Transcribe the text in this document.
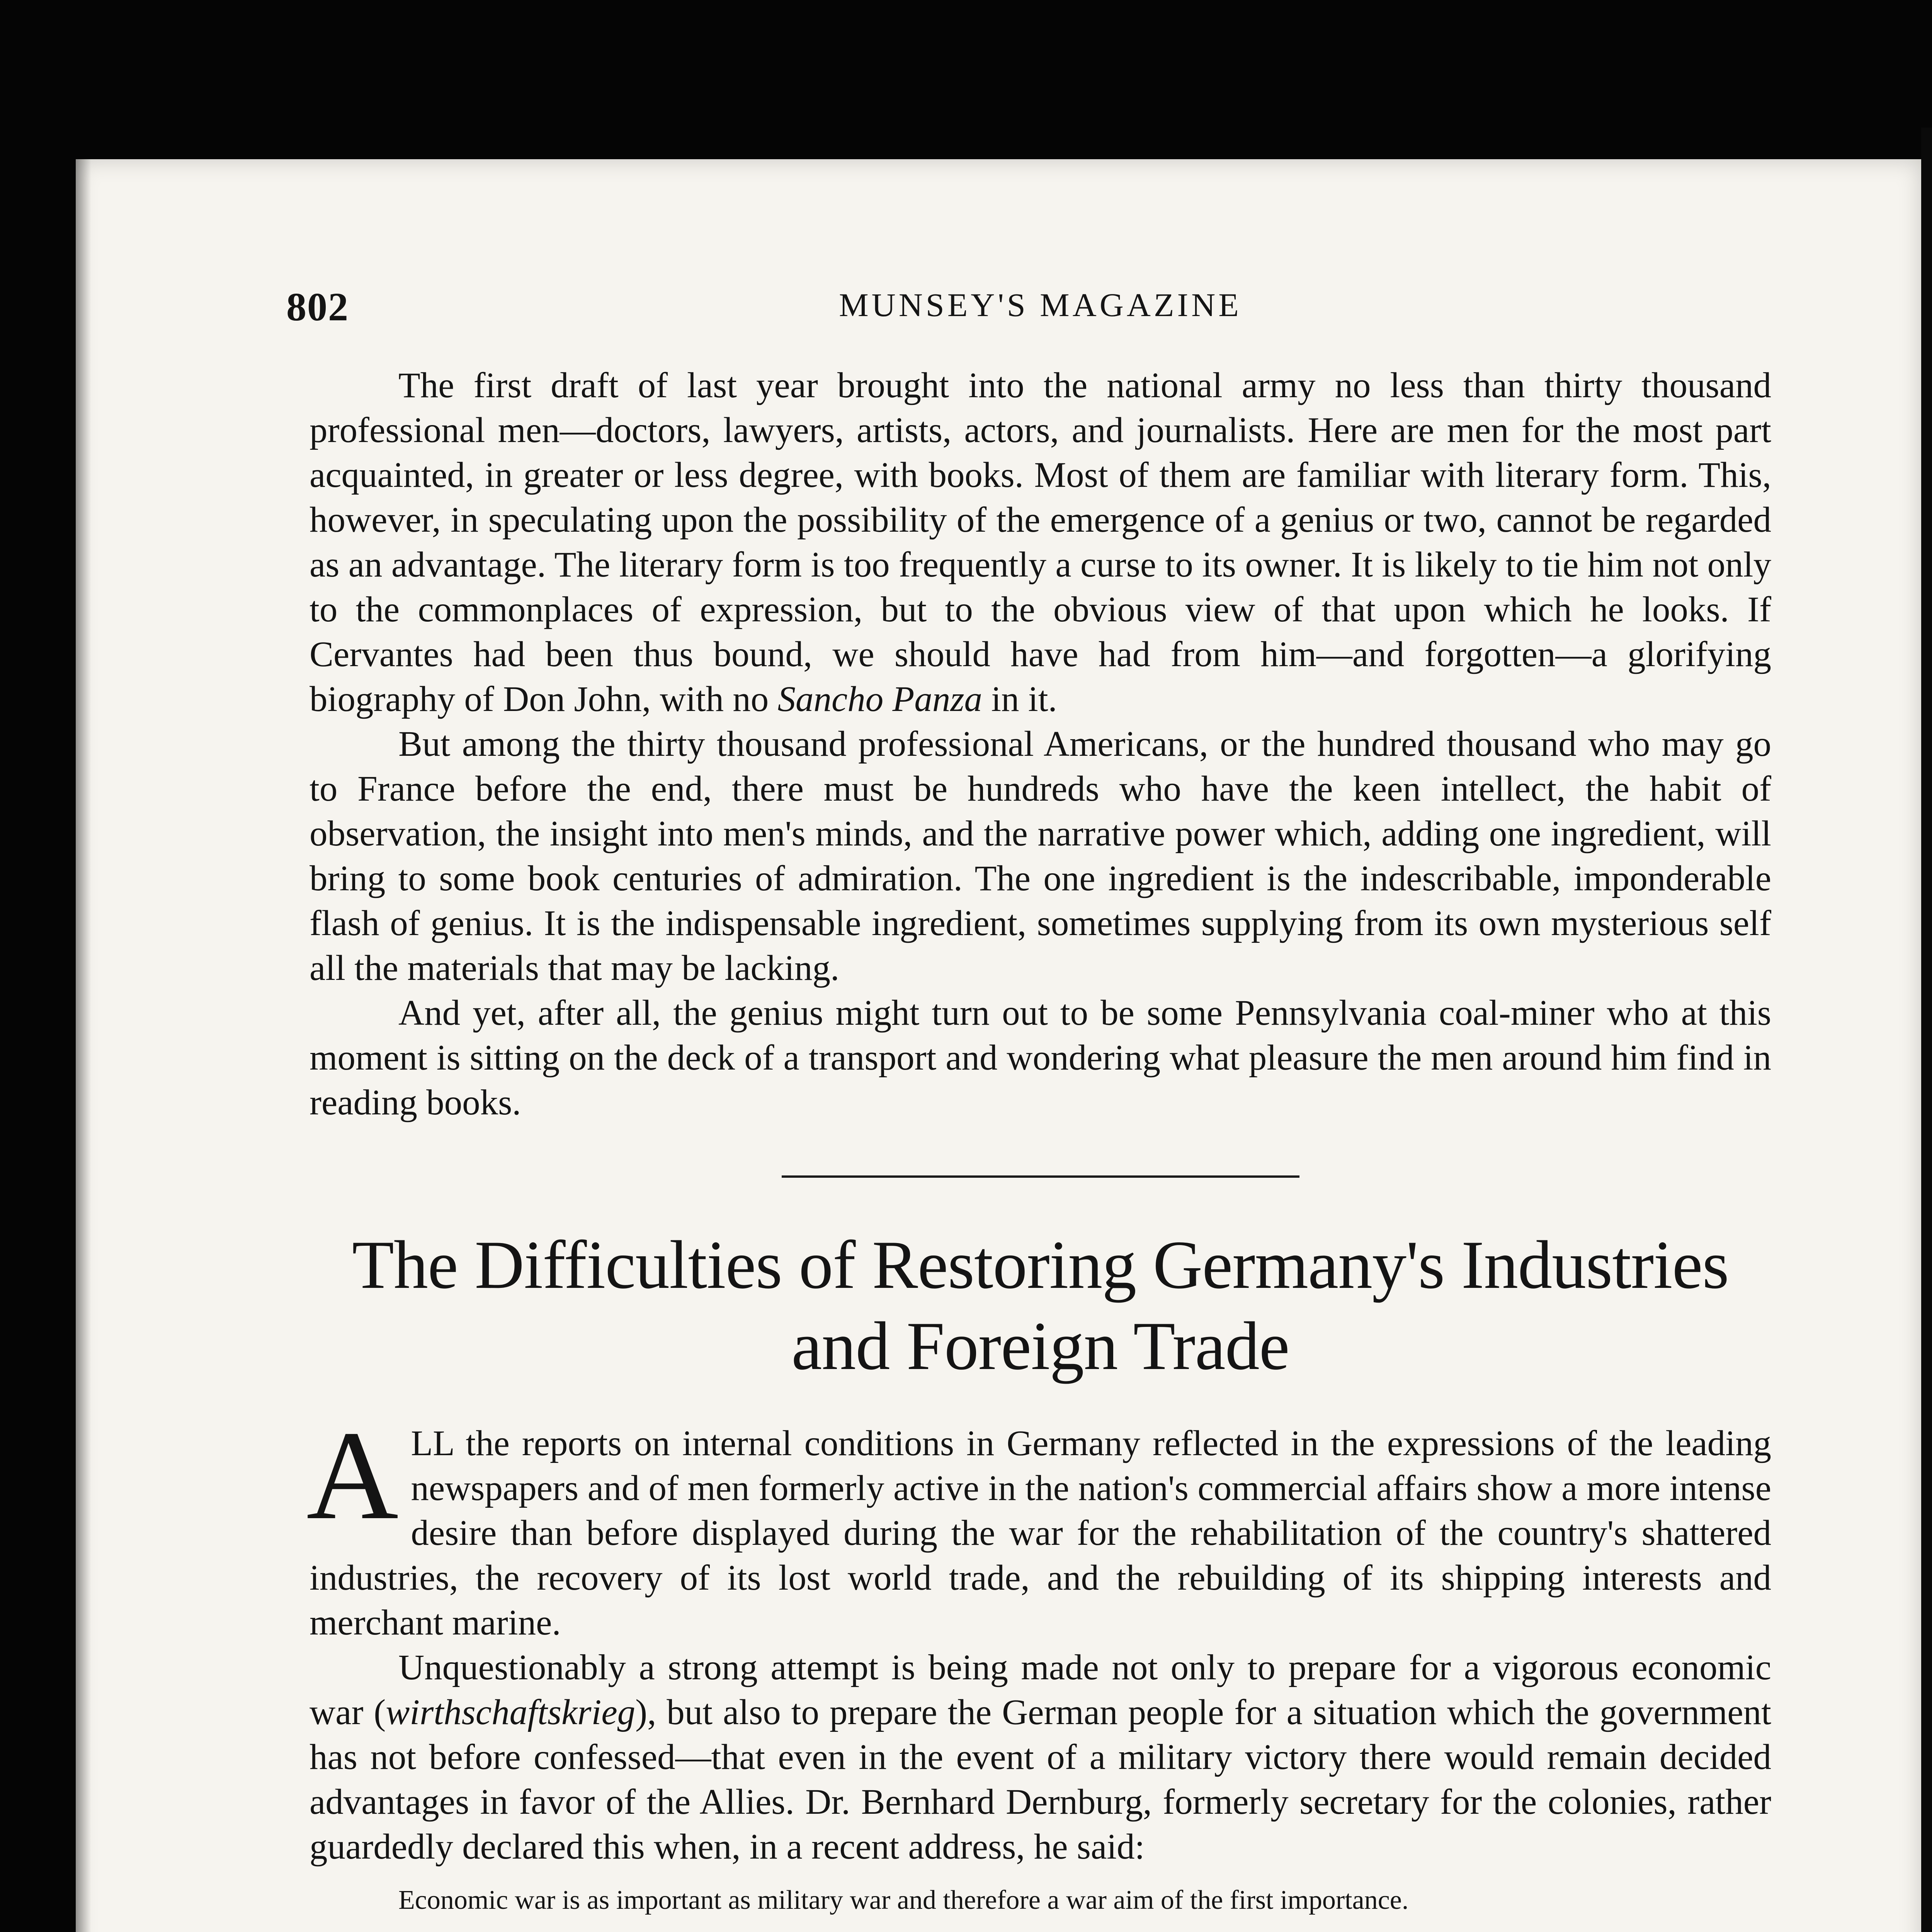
802	MUNSEY'S MAGAZINE

The first draft of last year brought into the national army no less than thirty thousand professional men—doctors, lawyers, artists, actors, and journalists. Here are men for the most part acquainted, in greater or less degree, with books. Most of them are familiar with literary form. This, however, in speculating upon the possibility of the emergence of a genius or two, cannot be regarded as an advantage. The literary form is too frequently a curse to its owner. It is likely to tie him not only to the commonplaces of expression, but to the obvious view of that upon which he looks. If Cervantes had been thus bound, we should have had from him—and forgotten—a glorifying biography of Don John, with no Sancho Panza in it.

But among the thirty thousand professional Americans, or the hundred thousand who may go to France before the end, there must be hundreds who have the keen intellect, the habit of observation, the insight into men's minds, and the narrative power which, adding one ingredient, will bring to some book centuries of admiration. The one ingredient is the indescribable, imponderable flash of genius. It is the indispensable ingredient, sometimes supplying from its own mysterious self all the materials that may be lacking.

And yet, after all, the genius might turn out to be some Pennsylvania coal-miner who at this moment is sitting on the deck of a transport and wondering what pleasure the men around him find in reading books.

The Difficulties of Restoring Germany's Industries and Foreign Trade

ALL the reports on internal conditions in Germany reflected in the expressions of the leading newspapers and of men formerly active in the nation's commercial affairs show a more intense desire than before displayed during the war for the rehabilitation of the country's shattered industries, the recovery of its lost world trade, and the rebuilding of its shipping interests and merchant marine.

Unquestionably a strong attempt is being made not only to prepare for a vigorous economic war (wirthschaftskrieg), but also to prepare the German people for a situation which the government has not before confessed—that even in the event of a military victory there would remain decided advantages in favor of the Allies. Dr. Bernhard Dernburg, formerly secretary for the colonies, rather guardedly declared this when, in a recent address, he said:

Economic war is as important as military war and therefore a war aim of the first importance.
